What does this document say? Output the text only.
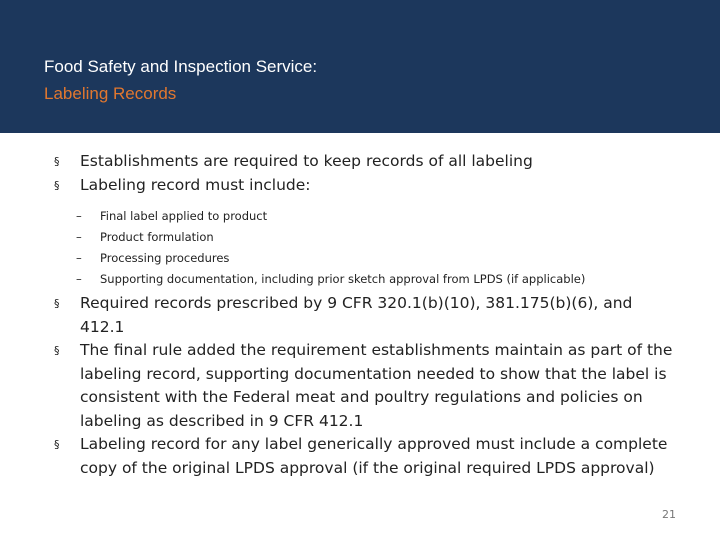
Food Safety and Inspection Service:
Labeling Records
§ Establishments are required to keep records of all labeling
§ Labeling record must include:
– Final label applied to product
– Product formulation
– Processing procedures
– Supporting documentation, including prior sketch approval from LPDS (if applicable)
§ Required records prescribed by 9 CFR 320.1(b)(10), 381.175(b)(6), and 412.1
§ The final rule added the requirement establishments maintain as part of the labeling record, supporting documentation needed to show that the label is consistent with the Federal meat and poultry regulations and policies on labeling as described in 9 CFR 412.1
§ Labeling record for any label generically approved must include a complete copy of the original LPDS approval (if the original required LPDS approval)
21
